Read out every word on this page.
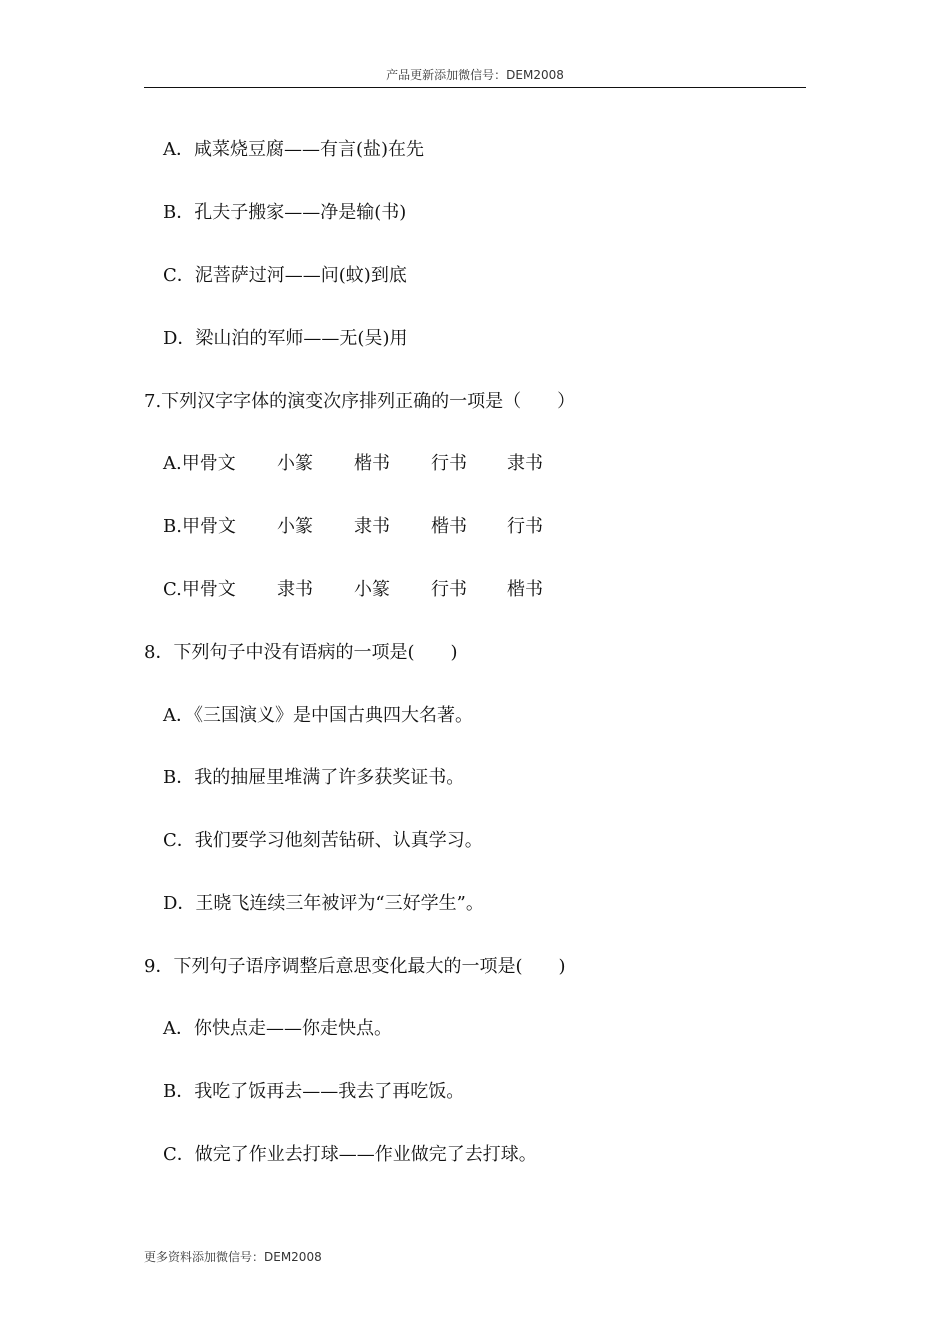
产品更新添加微信号：DEM2008
A．咸菜烧豆腐——有言(盐)在先
B．孔夫子搬家——净是输(书)
C．泥菩萨过河——问(蚊)到底
D．梁山泊的军师——无(吴)用
7.下列汉字字体的演变次序排列正确的一项是（　　）
A.甲骨文	小篆	楷书	行书	隶书
B.甲骨文	小篆	隶书	楷书	行书
C.甲骨文	隶书	小篆	行书	楷书
8．下列句子中没有语病的一项是(　　)
A．《三国演义》是中国古典四大名著。
B．我的抽屉里堆满了许多获奖证书。
C．我们要学习他刻苦钻研、认真学习。
D．王晓飞连续三年被评为“三好学生”。
9．下列句子语序调整后意思变化最大的一项是(　　)
A．你快点走——你走快点。
B．我吃了饭再去——我去了再吃饭。
C．做完了作业去打球——作业做完了去打球。
更多资料添加微信号：DEM2008
